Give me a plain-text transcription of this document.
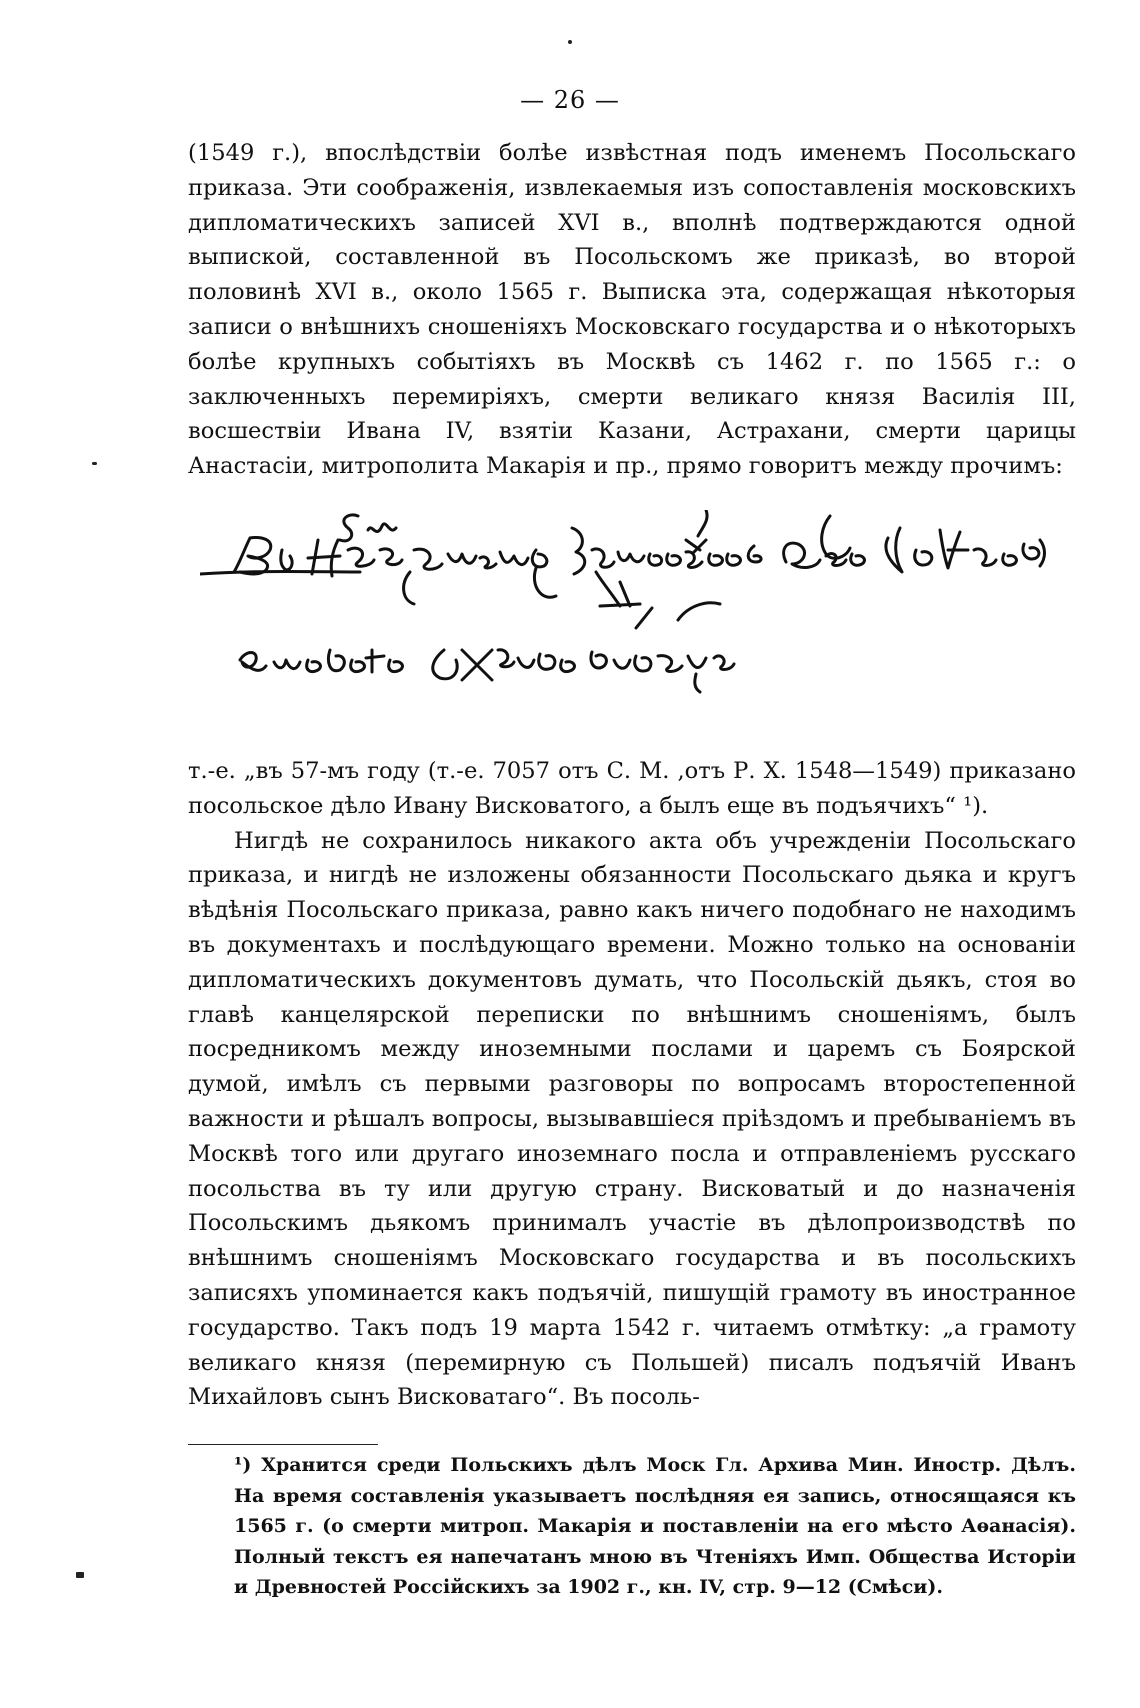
— 26 —

(1549 г.), впослѣдствіи болѣе извѣстная подъ именемъ Посольскаго приказа. Эти соображенія, извлекаемыя изъ сопоставленія московскихъ дипломатическихъ записей XVI в., вполнѣ подтверждаются одной выпиской, составленной въ Посольскомъ же приказѣ, во второй половинѣ XVI в., около 1565 г. Выписка эта, содержащая нѣкоторыя записи о внѣшнихъ сношеніяхъ Московскаго государства и о нѣкоторыхъ болѣе крупныхъ событіяхъ въ Москвѣ съ 1462 г. по 1565 г.: о заключенныхъ перемиріяхъ, смерти великаго князя Василія III, восшествіи Ивана IV, взятіи Казани, Астрахани, смерти царицы Анастасіи, митрополита Макарія и пр., прямо говоритъ между прочимъ:

т.-е. „въ 57-мъ году (т.-е. 7057 отъ С. М. ,отъ Р. Х. 1548—1549) приказано посольское дѣло Ивану Висковатого, а былъ еще въ подъячихъ“ ¹).

Нигдѣ не сохранилось никакого акта объ учрежденіи Посольскаго приказа, и нигдѣ не изложены обязанности Посольскаго дьяка и кругъ вѣдѣнія Посольскаго приказа, равно какъ ничего подобнаго не находимъ въ документахъ и послѣдующаго времени. Можно только на основаніи дипломатическихъ документовъ думать, что Посольскій дьякъ, стоя во главѣ канцелярской переписки по внѣшнимъ сношеніямъ, былъ посредникомъ между иноземными послами и царемъ съ Боярской думой, имѣлъ съ первыми разговоры по вопросамъ второстепенной важности и рѣшалъ вопросы, вызывавшіеся пріѣздомъ и пребываніемъ въ Москвѣ того или другаго иноземнаго посла и отправленіемъ русскаго посольства въ ту или другую страну. Висковатый и до назначенія Посольскимъ дьякомъ принималъ участіе въ дѣлопроизводствѣ по внѣшнимъ сношеніямъ Московскаго государства и въ посольскихъ записяхъ упоминается какъ подъячій, пишущій грамоту въ иностранное государство. Такъ подъ 19 марта 1542 г. читаемъ отмѣтку: „а грамоту великаго князя (перемирную съ Польшей) писалъ подъячій Иванъ Михайловъ сынъ Висковатаго“. Въ посоль-

¹) Хранится среди Польскихъ дѣлъ Моск Гл. Архива Мин. Иностр. Дѣлъ. На время составленія указываетъ послѣдняя ея запись, относящаяся къ 1565 г. (о смерти митроп. Макарія и поставленіи на его мѣсто Аѳанасія). Полный текстъ ея напечатанъ мною въ Чтеніяхъ Имп. Общества Исторіи и Древностей Россійскихъ за 1902 г., кн. IV, стр. 9—12 (Смѣси).
